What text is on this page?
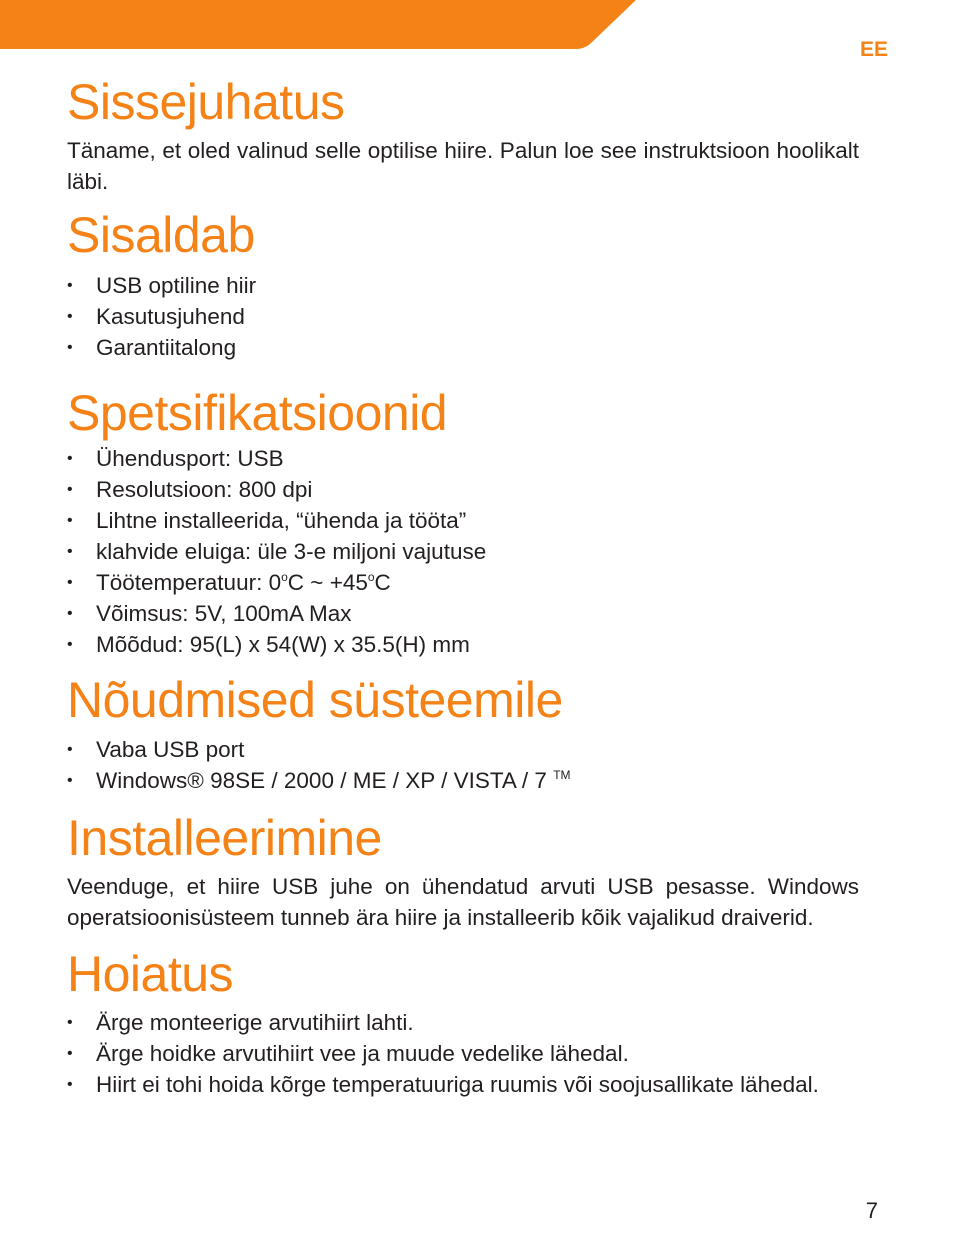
EE
Sissejuhatus

Täname, et oled valinud selle optilise hiire. Palun loe see instruktsioon hoolikalt läbi.

Sisaldab
• USB optiline hiir
• Kasutusjuhend
• Garantiitalong
Spetsifikatsioonid
• Ühendusport: USB
• Resolutsioon: 800 dpi
• Lihtne installeerida, “ühenda ja tööta”
• klahvide eluiga: üle 3-e miljoni vajutuse
• Töötemperatuur: 0$^o$C ~ $+45^oC$
• Võimsus: 5V, 100mA Max
• Mõõdud: 95(L) x 54(W) x 35.5(H) mm
Nõudmised süsteemile
• Vaba USB port
• Windows® 98SE / 2000 / ME / XP / VISTA / 7 ™
Installeerimine

Veenduge, et hiire USB juhe on ühendatud arvuti USB pesasse. Windows operatsioonisüsteem tunneb ära hiire ja installeerib kõik vajalikud draiverid.

Hoiatus
• Ärge monteerige arvutihiirt lahti.
• Ärge hoidke arvutihiirt vee ja muude vedelike lähedal.
• Hiirt ei tohi hoida kõrge temperatuuriga ruumis või soojusallikate lähedal.
7
